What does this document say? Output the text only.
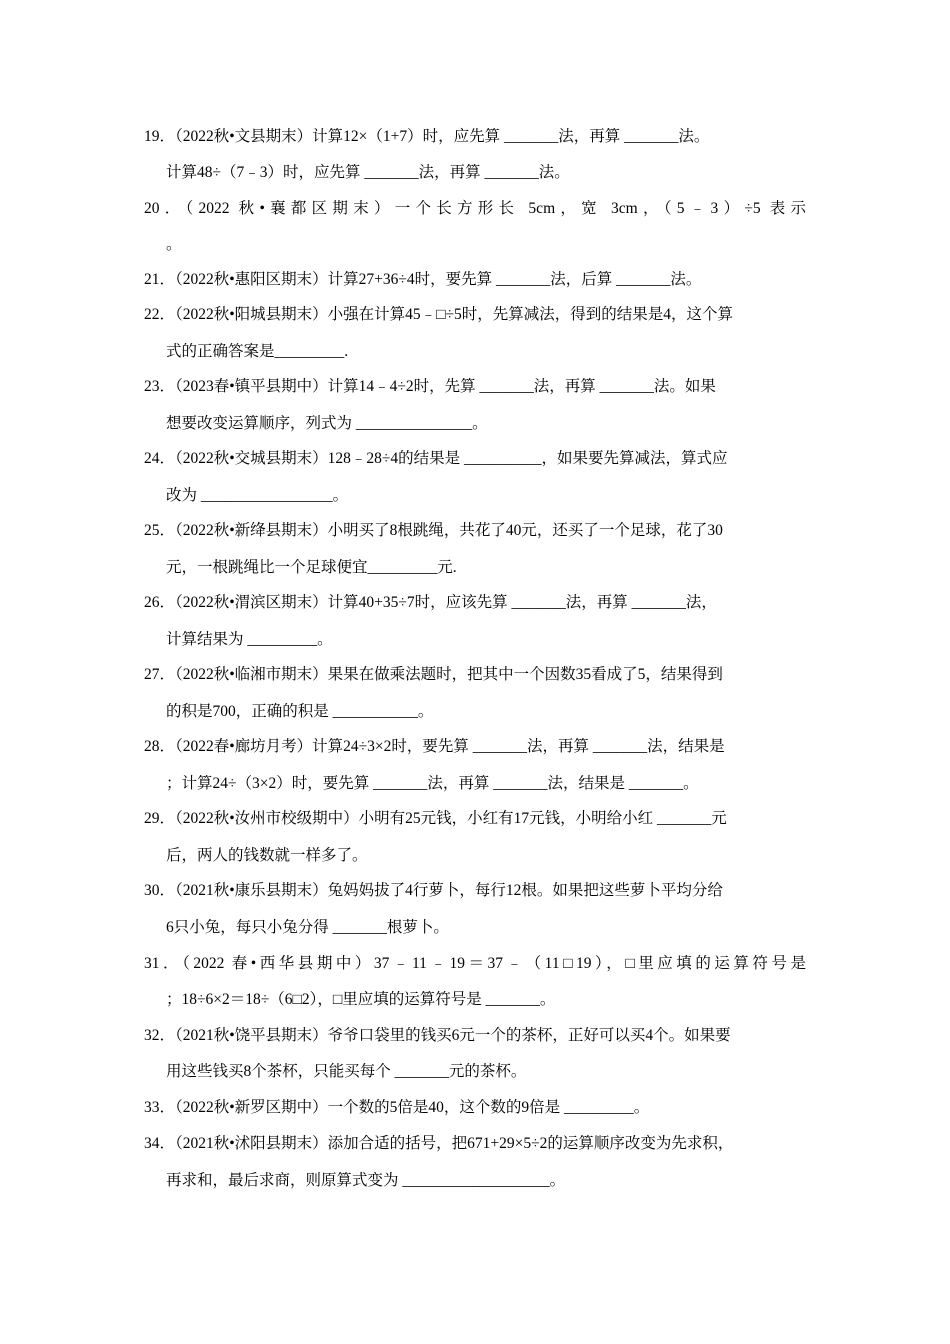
19．（2022秋•文县期末）计算12×（1+7）时，应先算 _______法，再算 _______法。
计算48÷（7﹣3）时，应先算 _______法，再算 _______法。
20．（2022 秋•襄都区期末）一个长方形长 5cm，宽 3cm，（5﹣3）÷5 表示
。
21．（2022秋•惠阳区期末）计算27+36÷4时，要先算 _______法，后算 _______法。
22．（2022秋•阳城县期末）小强在计算45﹣□÷5时，先算减法，得到的结果是4，这个算
式的正确答案是_________.
23．（2023春•镇平县期中）计算14﹣4÷2时，先算 _______法，再算 _______法。如果
想要改变运算顺序，列式为 _______________。
24．（2022秋•交城县期末）128﹣28÷4的结果是 __________，如果要先算减法，算式应
改为 _________________。
25．（2022秋•新绛县期末）小明买了8根跳绳，共花了40元，还买了一个足球，花了30
元，一根跳绳比一个足球便宜_________元.
26．（2022秋•渭滨区期末）计算40+35÷7时，应该先算 _______法，再算 _______法，
计算结果为 _________。
27．（2022秋•临湘市期末）果果在做乘法题时，把其中一个因数35看成了5，结果得到
的积是700，正确的积是 ___________。
28．（2022春•廊坊月考）计算24÷3×2时，要先算 _______法，再算 _______法，结果是
；计算24÷（3×2）时，要先算 _______法，再算 _______法，结果是 _______。
29．（2022秋•汝州市校级期中）小明有25元钱，小红有17元钱，小明给小红 _______元
后，两人的钱数就一样多了。
30．（2021秋•康乐县期末）兔妈妈拔了4行萝卜，每行12根。如果把这些萝卜平均分给
6只小兔，每只小兔分得 _______根萝卜。
31．（2022 春•西华县期中）37﹣11﹣19＝37﹣（11□19），□里应填的运算符号是
；18÷6×2＝18÷（6□2），□里应填的运算符号是 _______。
32．（2021秋•饶平县期末）爷爷口袋里的钱买6元一个的茶杯，正好可以买4个。如果要
用这些钱买8个茶杯，只能买每个 _______元的茶杯。
33．（2022秋•新罗区期中）一个数的5倍是40，这个数的9倍是 _________。
34．（2021秋•沭阳县期末）添加合适的括号，把671+29×5÷2的运算顺序改变为先求积，
再求和，最后求商，则原算式变为 ___________________。
